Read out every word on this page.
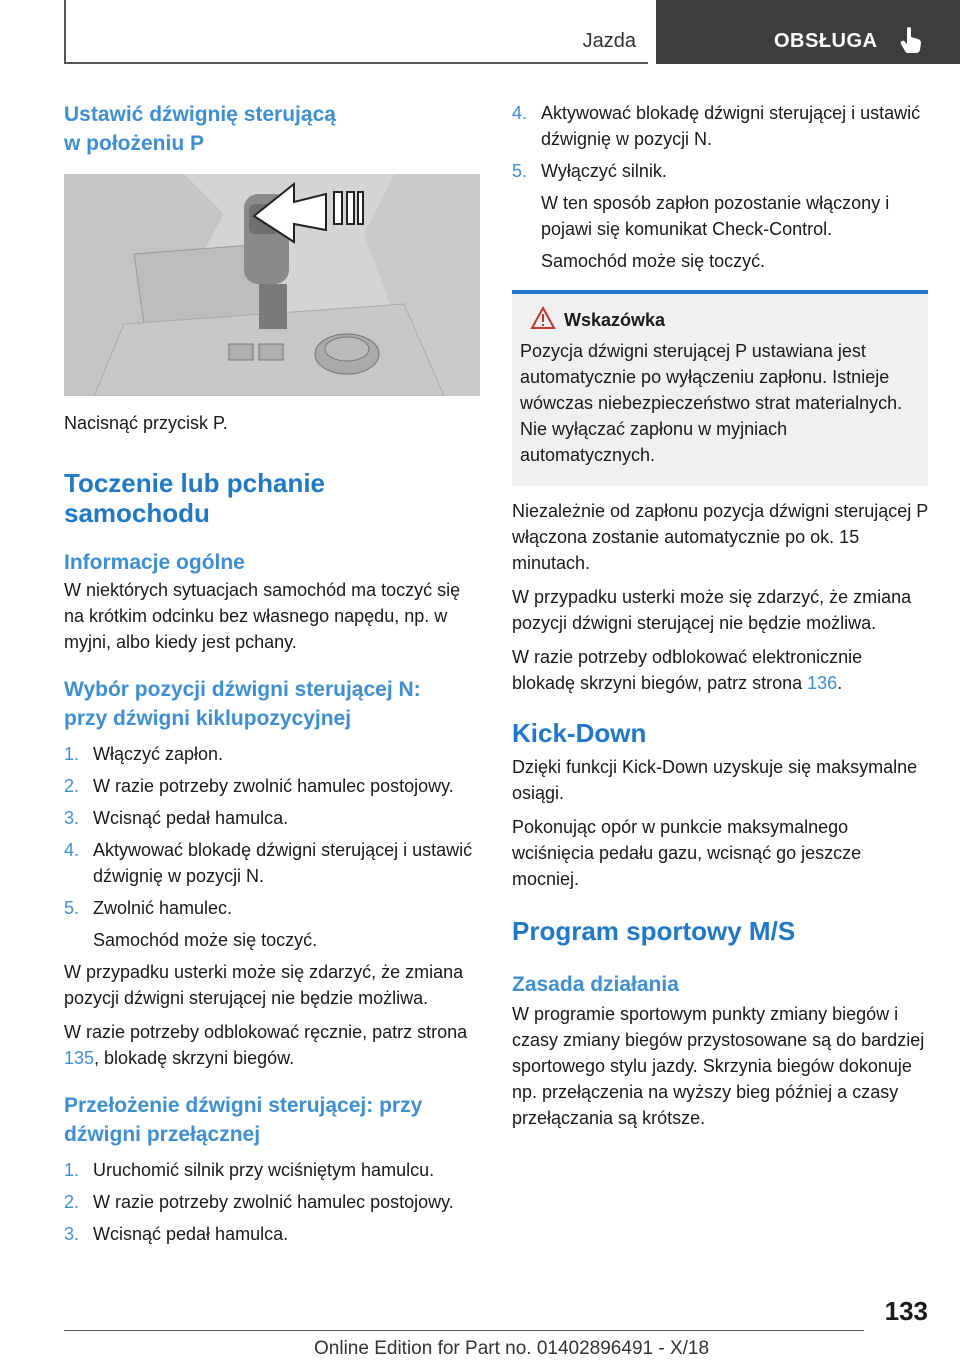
Jazda	OBSŁUGA
Ustawić dźwignię sterującą
w położeniu P

Nacisnąć przycisk P.

Toczenie lub pchanie
samochodu
Informacje ogólne

W niektórych sytuacjach samochód ma toczyć się na krótkim odcinku bez własnego napędu, np. w myjni, albo kiedy jest pchany.

Wybór pozycji dźwigni sterującej N:
przy dźwigni kiklupozycyjnej
1. Włączyć zapłon.
2. W razie potrzeby zwolnić hamulec postojowy.
3. Wcisnąć pedał hamulca.
4. Aktywować blokadę dźwigni sterującej i ustawić dźwignię w pozycji N.
5. Zwolnić hamulec.
Samochód może się toczyć.

W przypadku usterki może się zdarzyć, że zmiana pozycji dźwigni sterującej nie będzie możliwa.

W razie potrzeby odblokować ręcznie, patrz strona 135, blokadę skrzyni biegów.

Przełożenie dźwigni sterującej: przy
dźwigni przełącznej
1. Uruchomić silnik przy wciśniętym hamulcu.
2. W razie potrzeby zwolnić hamulec postojowy.
3. Wcisnąć pedał hamulca.
4. Aktywować blokadę dźwigni sterującej i ustawić dźwignię w pozycji N.
5. Wyłączyć silnik.
W ten sposób zapłon pozostanie włączony i pojawi się komunikat Check-Control.
Samochód może się toczyć.
Wskazówka

Pozycja dźwigni sterującej P ustawiana jest automatycznie po wyłączeniu zapłonu. Istnieje wówczas niebezpieczeństwo strat materialnych. Nie wyłączać zapłonu w myjniach automatycznych.

Niezależnie od zapłonu pozycja dźwigni sterującej P włączona zostanie automatycznie po ok. 15 minutach.

W przypadku usterki może się zdarzyć, że zmiana pozycji dźwigni sterującej nie będzie możliwa.

W razie potrzeby odblokować elektronicznie blokadę skrzyni biegów, patrz strona 136.

Kick-Down

Dzięki funkcji Kick-Down uzyskuje się maksymalne osiągi.

Pokonując opór w punkcie maksymalnego wciśnięcia pedału gazu, wcisnąć go jeszcze mocniej.

Program sportowy M/S
Zasada działania

W programie sportowym punkty zmiany biegów i czasy zmiany biegów przystosowane są do bardziej sportowego stylu jazdy. Skrzynia biegów dokonuje np. przełączenia na wyższy bieg później a czasy przełączania są krótsze.

133
Online Edition for Part no. 01402896491 - X/18
